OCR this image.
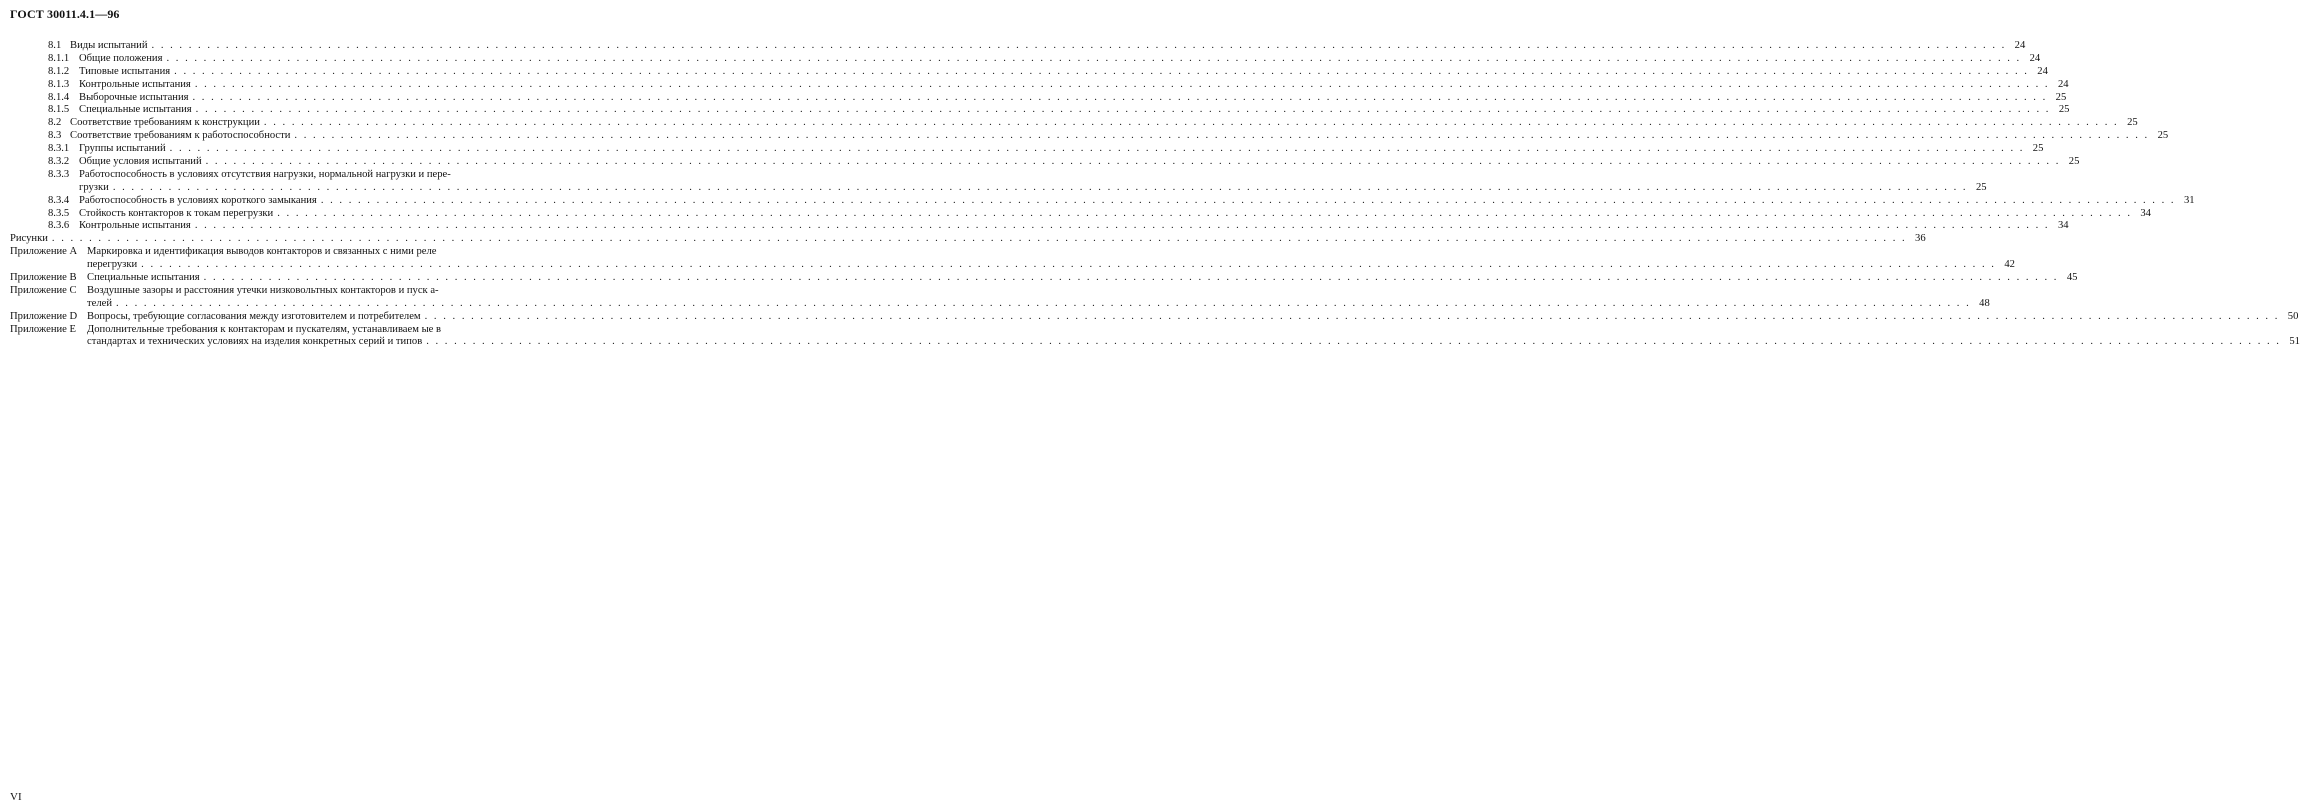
ГОСТ 30011.4.1—96
8.1 Виды испытаний . . . . . . . . . . . . . . . . . . . . . . . . . . . . . . . . . . . . . . . . . . . . . . . . . . . . . . . . . . . . . . . . . . . . . . . . . . . . . . . . . . . . . . . . . . . . . . . . . . . . . . . . . . . . . . . . . . . . . . . . . . . . . . . . . . . . . . . . . . . . . . . . . . . . . . . . . . . . . . . . . . . . . . . . . . . . . . . . . . . . . . . . . . . . . . . . . . . . . . . . 24
8.1.1 Общие положения . . . . . . . . . . . . . . . . . . . . . . . . . . . . . . . . . . . . . . . . . . . . . . . . . . . . . . . . . . . . . . . . . . . . . . . . . . . . . . . . . . . . . . . . . . . . . . . . . . . . . . . . . . . . . . . . . . . . . . . . . . . . . . . . . . . . . . . . . . . . . . . . . . . . . . . . . . . . . . . . . . . . . . . . . . . . . . . . . . . . . . . . . . . . . . . . . . . . . . . . 24
8.1.2 Типовые испытания . . . . . . . . . . . . . . . . . . . . . . . . . . . . . . . . . . . . . . . . . . . . . . . . . . . . . . . . . . . . . . . . . . . . . . . . . . . . . . . . . . . . . . . . . . . . . . . . . . . . . . . . . . . . . . . . . . . . . . . . . . . . . . . . . . . . . . . . . . . . . . . . . . . . . . . . . . . . . . . . . . . . . . . . . . . . . . . . . . . . . . . . . . . . . . . . . . . . . . . . 24
8.1.3 Контрольные испытания . . . . . . . . . . . . . . . . . . . . . . . . . . . . . . . . . . . . . . . . . . . . . . . . . . . . . . . . . . . . . . . . . . . . . . . . . . . . . . . . . . . . . . . . . . . . . . . . . . . . . . . . . . . . . . . . . . . . . . . . . . . . . . . . . . . . . . . . . . . . . . . . . . . . . . . . . . . . . . . . . . . . . . . . . . . . . . . . . . . . . . . . . . . . . . . . . . . . . . . . 24
8.1.4 Выборочные испытания . . . . . . . . . . . . . . . . . . . . . . . . . . . . . . . . . . . . . . . . . . . . . . . . . . . . . . . . . . . . . . . . . . . . . . . . . . . . . . . . . . . . . . . . . . . . . . . . . . . . . . . . . . . . . . . . . . . . . . . . . . . . . . . . . . . . . . . . . . . . . . . . . . . . . . . . . . . . . . . . . . . . . . . . . . . . . . . . . . . . . . . . . . . . . . . . . . . . . . . . 25
8.1.5 Специальные испытания . . . . . . . . . . . . . . . . . . . . . . . . . . . . . . . . . . . . . . . . . . . . . . . . . . . . . . . . . . . . . . . . . . . . . . . . . . . . . . . . . . . . . . . . . . . . . . . . . . . . . . . . . . . . . . . . . . . . . . . . . . . . . . . . . . . . . . . . . . . . . . . . . . . . . . . . . . . . . . . . . . . . . . . . . . . . . . . . . . . . . . . . . . . . . . . . . . . . . . . . 25
8.2 Соответствие требованиям к конструкции . . . . . . . . . . . . . . . . . . . . . . . . . . . . . . . . . . . . . . . . . . . . . . . . . . . . . . . . . . . . . . . . . . . . . . . . . . . . . . . . . . . . . . . . . . . . . . . . . . . . . . . . . . . . . . . . . . . . . . . . . . . . . . . . . . . . . . . . . . . . . . . . . . . . . . . . . . . . . . . . . . . . . . . . . . . . . . . . . . . . . . . . . . . . . . . . . . . . . . . . 25
8.3 Соответствие требованиям к работоспособности . . . . . . . . . . . . . . . . . . . . . . . . . . . . . . . . . . . . . . . . . . . . . . . . . . . . . . . . . . . . . . . . . . . . . . . . . . . . . . . . . . . . . . . . . . . . . . . . . . . . . . . . . . . . . . . . . . . . . . . . . . . . . . . . . . . . . . . . . . . . . . . . . . . . . . . . . . . . . . . . . . . . . . . . . . . . . . . . . . . . . . . . . . . . . . . . . . . . . . . . 25
8.3.1 Группы испытаний . . . . . . . . . . . . . . . . . . . . . . . . . . . . . . . . . . . . . . . . . . . . . . . . . . . . . . . . . . . . . . . . . . . . . . . . . . . . . . . . . . . . . . . . . . . . . . . . . . . . . . . . . . . . . . . . . . . . . . . . . . . . . . . . . . . . . . . . . . . . . . . . . . . . . . . . . . . . . . . . . . . . . . . . . . . . . . . . . . . . . . . . . . . . . . . . . . . . . . . . 25
8.3.2 Общие условия испытаний . . . . . . . . . . . . . . . . . . . . . . . . . . . . . . . . . . . . . . . . . . . . . . . . . . . . . . . . . . . . . . . . . . . . . . . . . . . . . . . . . . . . . . . . . . . . . . . . . . . . . . . . . . . . . . . . . . . . . . . . . . . . . . . . . . . . . . . . . . . . . . . . . . . . . . . . . . . . . . . . . . . . . . . . . . . . . . . . . . . . . . . . . . . . . . . . . . . . . . . . 25
8.3.3 Работоспособность в условиях отсутствия нагрузки, нормальной нагрузки и пере-
грузки . . . . . . . . . . . . . . . . . . . . . . . . . . . . . . . . . . . . . . . . . . . . . . . . . . . . . . . . . . . . . . . . . . . . . . . . . . . . . . . . . . . . . . . . . . . . . . . . . . . . . . . . . . . . . . . . . . . . . . . . . . . . . . . . . . . . . . . . . . . . . . . . . . . . . . . . . . . . . . . . . . . . . . . . . . . . . . . . . . . . . . . . . . . . . . . . . . . . . . . . 25
8.3.4 Работоспособность в условиях короткого замыкания . . . . . . . . . . . . . . . . . . . . . . . . . . . . . . . . . . . . . . . . . . . . . . . . . . . . . . . . . . . . . . . . . . . . . . . . . . . . . . . . . . . . . . . . . . . . . . . . . . . . . . . . . . . . . . . . . . . . . . . . . . . . . . . . . . . . . . . . . . . . . . . . . . . . . . . . . . . . . . . . . . . . . . . . . . . . . . . . . . . . . . . . . . . . . . . . . . . . . . . . 31
8.3.5 Стойкость контакторов к токам перегрузки . . . . . . . . . . . . . . . . . . . . . . . . . . . . . . . . . . . . . . . . . . . . . . . . . . . . . . . . . . . . . . . . . . . . . . . . . . . . . . . . . . . . . . . . . . . . . . . . . . . . . . . . . . . . . . . . . . . . . . . . . . . . . . . . . . . . . . . . . . . . . . . . . . . . . . . . . . . . . . . . . . . . . . . . . . . . . . . . . . . . . . . . . . . . . . . . . . . . . . . . 34
8.3.6 Контрольные испытания . . . . . . . . . . . . . . . . . . . . . . . . . . . . . . . . . . . . . . . . . . . . . . . . . . . . . . . . . . . . . . . . . . . . . . . . . . . . . . . . . . . . . . . . . . . . . . . . . . . . . . . . . . . . . . . . . . . . . . . . . . . . . . . . . . . . . . . . . . . . . . . . . . . . . . . . . . . . . . . . . . . . . . . . . . . . . . . . . . . . . . . . . . . . . . . . . . . . . . . . 34
Рисунки . . . . . . . . . . . . . . . . . . . . . . . . . . . . . . . . . . . . . . . . . . . . . . . . . . . . . . . . . . . . . . . . . . . . . . . . . . . . . . . . . . . . . . . . . . . . . . . . . . . . . . . . . . . . . . . . . . . . . . . . . . . . . . . . . . . . . . . . . . . . . . . . . . . . . . . . . . . . . . . . . . . . . . . . . . . . . . . . . . . . . . . . . . . . . . . . . . . . . . . . 36
Приложение А Маркировка и идентификация выводов контакторов и связанных с ними реле
перегрузки . . . . . . . . . . . . . . . . . . . . . . . . . . . . . . . . . . . . . . . . . . . . . . . . . . . . . . . . . . . . . . . . . . . . . . . . . . . . . . . . . . . . . . . . . . . . . . . . . . . . . . . . . . . . . . . . . . . . . . . . . . . . . . . . . . . . . . . . . . . . . . . . . . . . . . . . . . . . . . . . . . . . . . . . . . . . . . . . . . . . . . . . . . . . . . . . . . . . . . . . 42
Приложение В Специальные испытания . . . . . . . . . . . . . . . . . . . . . . . . . . . . . . . . . . . . . . . . . . . . . . . . . . . . . . . . . . . . . . . . . . . . . . . . . . . . . . . . . . . . . . . . . . . . . . . . . . . . . . . . . . . . . . . . . . . . . . . . . . . . . . . . . . . . . . . . . . . . . . . . . . . . . . . . . . . . . . . . . . . . . . . . . . . . . . . . . . . . . . . . . . . . . . . . . . . . . . . . 45
Приложение С Воздушные зазоры и расстояния утечки низковольтных контакторов и пуск а-
телей . . . . . . . . . . . . . . . . . . . . . . . . . . . . . . . . . . . . . . . . . . . . . . . . . . . . . . . . . . . . . . . . . . . . . . . . . . . . . . . . . . . . . . . . . . . . . . . . . . . . . . . . . . . . . . . . . . . . . . . . . . . . . . . . . . . . . . . . . . . . . . . . . . . . . . . . . . . . . . . . . . . . . . . . . . . . . . . . . . . . . . . . . . . . . . . . . . . . . . . . 48
Приложение D Вопросы, требующие согласования между изготовителем и потребителем . . . . . . . . . . . . . . . . . . . . . . . . . . . . . . . . . . . . . . . . . . . . . . . . . . . . . . . . . . . . . . . . . . . . . . . . . . . . . . . . . . . . . . . . . . . . . . . . . . . . . . . . . . . . . . . . . . . . . . . . . . . . . . . . . . . . . . . . . . . . . . . . . . . . . . . . . . . . . . . . . . . . . . . . . . . . . . . . . . . . . . . . . . . . . . . . . . . . . . . . 50
Приложение Е Дополнительные требования к контакторам и пускателям, устанавливаем ые в
стандартах и технических условиях на изделия конкретных серий и типов . . . . . . . . . . . . . . . . . . . . . . . . . . . . . . . . . . . . . . . . . . . . . . . . . . . . . . . . . . . . . . . . . . . . . . . . . . . . . . . . . . . . . . . . . . . . . . . . . . . . . . . . . . . . . . . . . . . . . . . . . . . . . . . . . . . . . . . . . . . . . . . . . . . . . . . . . . . . . . . . . . . . . . . . . . . . . . . . . . . . . . . . . . . . . . . . . . . . . . . . 51
VI
